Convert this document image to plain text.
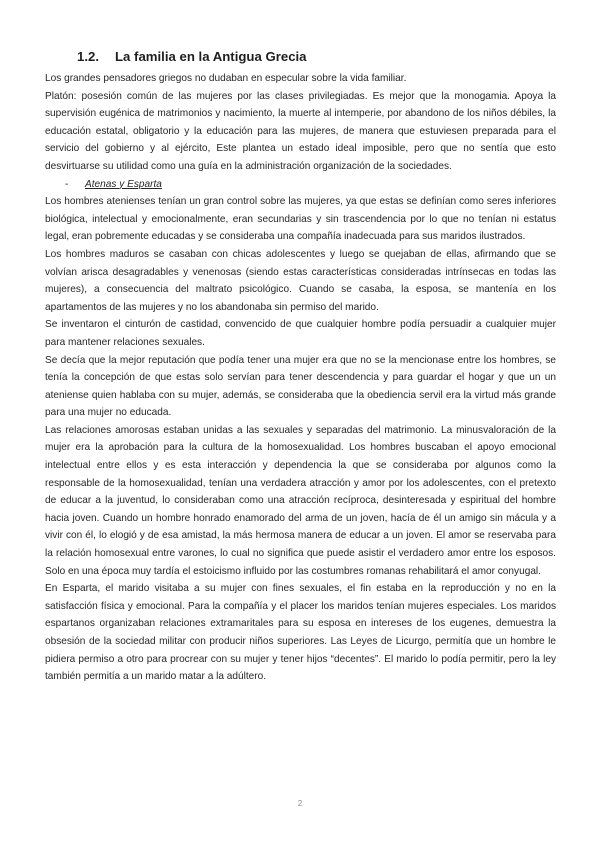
1.2. La familia en la Antigua Grecia

Los grandes pensadores griegos no dudaban en especular sobre la vida familiar.

Platón: posesión común de las mujeres por las clases privilegiadas. Es mejor que la monogamia. Apoya la supervisión eugénica de matrimonios y nacimiento, la muerte al intemperie, por abandono de los niños débiles, la educación estatal, obligatorio y la educación para las mujeres, de manera que estuviesen preparada para el servicio del gobierno y al ejército, Este plantea un estado ideal imposible, pero que no sentía que esto desvirtuarse su utilidad como una guía en la administración organización de la sociedades.

-	Atenas y Esparta

Los hombres atenienses tenían un gran control sobre las mujeres, ya que estas se definían como seres inferiores biológica, intelectual y emocionalmente, eran secundarias y sin trascendencia por lo que no tenían ni estatus legal, eran pobremente educadas y se consideraba una compañía inadecuada para sus maridos ilustrados.

Los hombres maduros se casaban con chicas adolescentes y luego se quejaban de ellas, afirmando que se volvían arisca desagradables y venenosas (siendo estas características consideradas intrínsecas en todas las mujeres), a consecuencia del maltrato psicológico. Cuando se casaba, la esposa, se mantenía en los apartamentos de las mujeres y no los abandonaba sin permiso del marido.

Se inventaron el cinturón de castidad, convencido de que cualquier hombre podía persuadir a cualquier mujer para mantener relaciones sexuales.

Se decía que la mejor reputación que podía tener una mujer era que no se la mencionase entre los hombres, se tenía la concepción de que estas solo servían para tener descendencia y para guardar el hogar y que un un ateniense quien hablaba con su mujer, además, se consideraba que la obediencia servil era la virtud más grande para una mujer no educada.

Las relaciones amorosas estaban unidas a las sexuales y separadas del matrimonio. La minusvaloración de la mujer era la aprobación para la cultura de la homosexualidad. Los hombres buscaban el apoyo emocional intelectual entre ellos y es esta interacción y dependencia la que se consideraba por algunos como la responsable de la homosexualidad, tenían una verdadera atracción y amor por los adolescentes, con el pretexto de educar a la juventud, lo consideraban como una atracción recíproca, desinteresada y espiritual del hombre hacia joven. Cuando un hombre honrado enamorado del arma de un joven, hacía de él un amigo sin mácula y a vivir con él, lo elogió y de esa amistad, la más hermosa manera de educar a un joven. El amor se reservaba para la relación homosexual entre varones, lo cual no significa que puede asistir el verdadero amor entre los esposos. Solo en una época muy tardía el estoicismo influido por las costumbres romanas rehabilitará el amor conyugal.

En Esparta, el marido visitaba a su mujer con fines sexuales, el fin estaba en la reproducción y no en la satisfacción física y emocional. Para la compañía y el placer los maridos tenían mujeres especiales. Los maridos espartanos organizaban relaciones extramaritales para su esposa en intereses de los eugenes, demuestra la obsesión de la sociedad militar con producir niños superiores. Las Leyes de Licurgo, permitía que un hombre le pidiera permiso a otro para procrear con su mujer y tener hijos “decentes”. El marido lo podía permitir, pero la ley también permitía a un marido matar a la adúltero.

2
